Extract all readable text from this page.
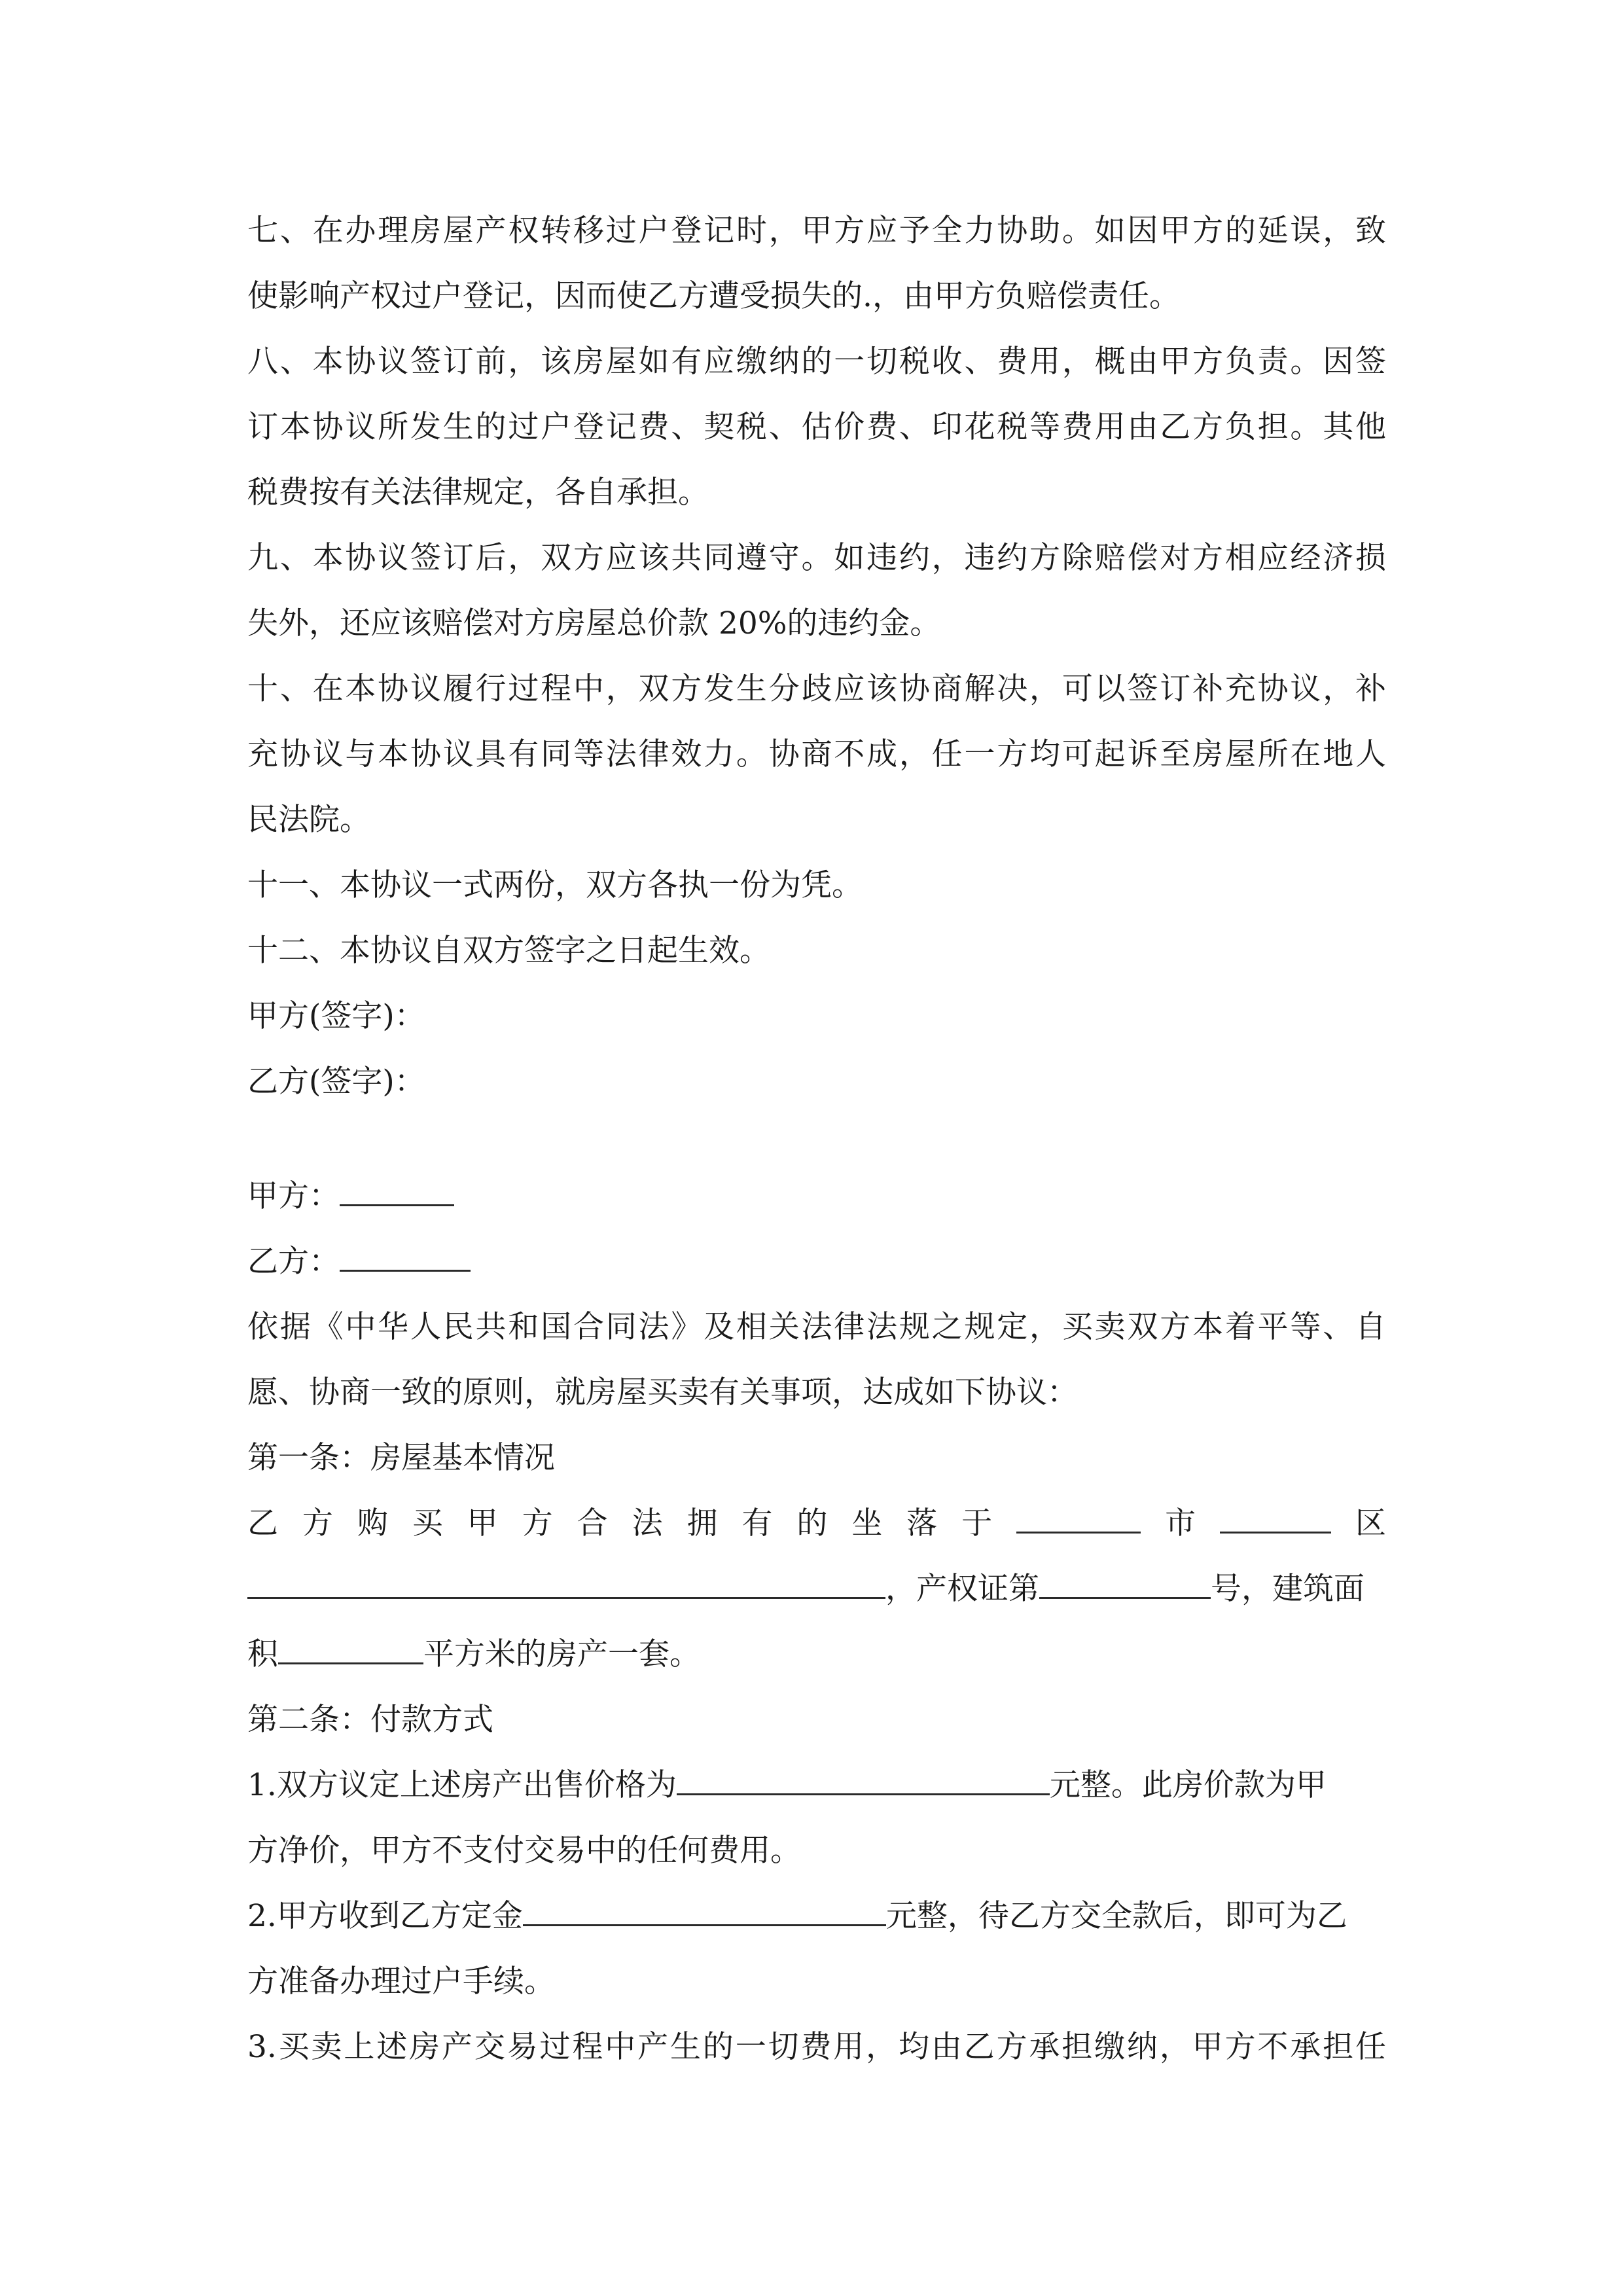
七、在办理房屋产权转移过户登记时，甲方应予全力协助。如因甲方的延误，致
使影响产权过户登记，因而使乙方遭受损失的.，由甲方负赔偿责任。
八、本协议签订前，该房屋如有应缴纳的一切税收、费用，概由甲方负责。因签
订本协议所发生的过户登记费、契税、估价费、印花税等费用由乙方负担。其他
税费按有关法律规定，各自承担。
九、本协议签订后，双方应该共同遵守。如违约，违约方除赔偿对方相应经济损
失外，还应该赔偿对方房屋总价款 20%的违约金。
十、在本协议履行过程中，双方发生分歧应该协商解决，可以签订补充协议，补
充协议与本协议具有同等法律效力。协商不成，任一方均可起诉至房屋所在地人
民法院。
十一、本协议一式两份，双方各执一份为凭。
十二、本协议自双方签字之日起生效。
甲方(签字)：
乙方(签字)：
甲方：
乙方：
依据《中华人民共和国合同法》及相关法律法规之规定，买卖双方本着平等、自
愿、协商一致的原则，就房屋买卖有关事项，达成如下协议：
第一条：房屋基本情况
乙 方 购 买 甲 方 合 法 拥 有 的 坐 落 于	市	区
，产权证第	号，建筑面
积	平方米的房产一套。
第二条：付款方式
1.双方议定上述房产出售价格为	元整。此房价款为甲
方净价，甲方不支付交易中的任何费用。
2.甲方收到乙方定金	元整，待乙方交全款后，即可为乙
方准备办理过户手续。
3.买卖上述房产交易过程中产生的一切费用，均由乙方承担缴纳，甲方不承担任
